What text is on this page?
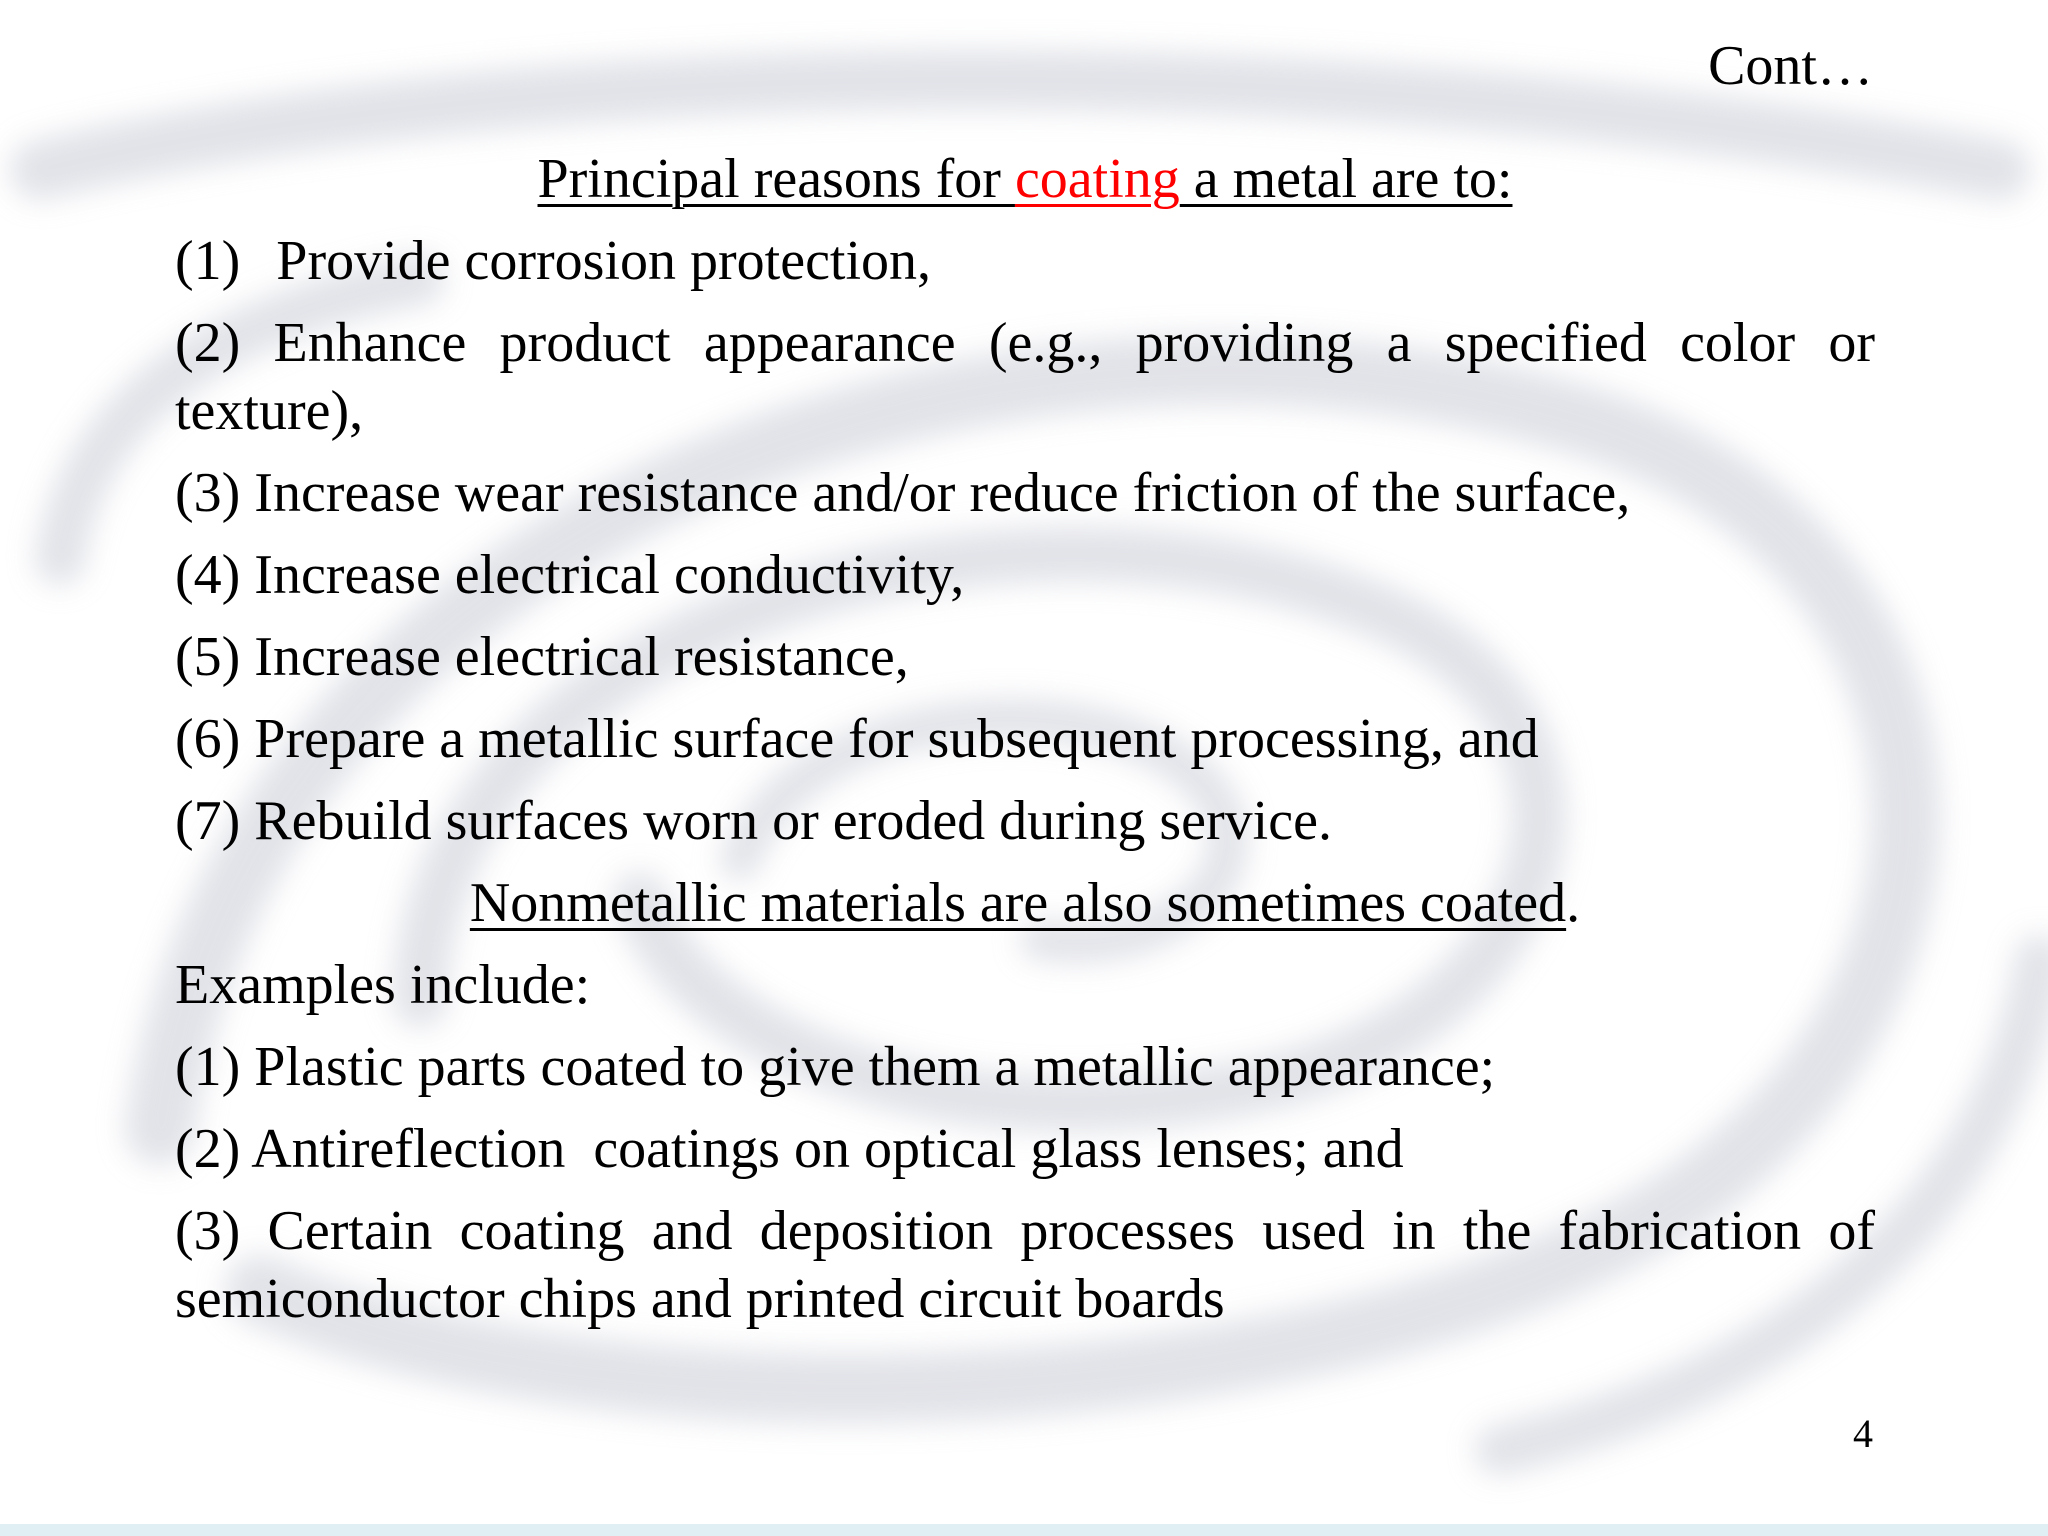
Cont…
Principal reasons for coating a metal are to:
(1) Provide corrosion protection,
(2) Enhance product appearance (e.g., providing a specified color or texture),
(3) Increase wear resistance and/or reduce friction of the surface,
(4) Increase electrical conductivity,
(5) Increase electrical resistance,
(6) Prepare a metallic surface for subsequent processing, and
(7) Rebuild surfaces worn or eroded during service.
Nonmetallic materials are also sometimes coated.
Examples include:
(1) Plastic parts coated to give them a metallic appearance;
(2) Antireflection  coatings on optical glass lenses; and
(3) Certain coating and deposition processes used in the fabrication of semiconductor chips and printed circuit boards
4
